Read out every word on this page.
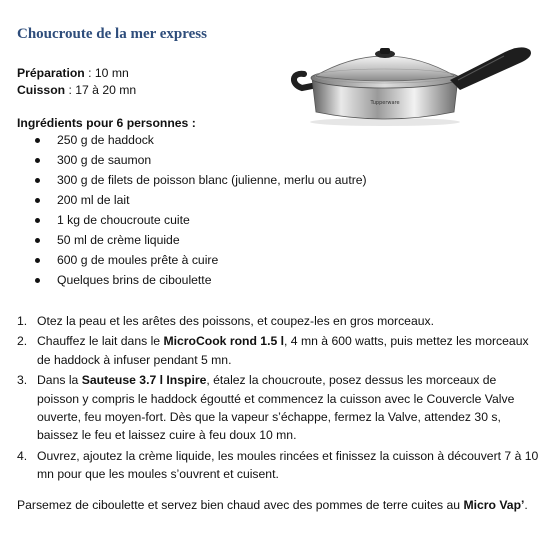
Choucroute de la mer express
Tupperware
Préparation : 10 mn
Cuisson : 17 à 20 mn
Ingrédients pour 6 personnes :
250 g de haddock
300 g de saumon
300 g de filets de poisson blanc (julienne, merlu ou autre)
200 ml de lait
1 kg de choucroute cuite
50 ml de crème liquide
600 g de moules prête à cuire
Quelques brins de ciboulette
1. Otez la peau et les arêtes des poissons, et coupez-les en gros morceaux.
2. Chauffez le lait dans le MicroCook rond 1.5 l, 4 mn à 600 watts, puis mettez les morceaux de haddock à infuser pendant 5 mn.
3. Dans la Sauteuse 3.7 l Inspire, étalez la choucroute, posez dessus les morceaux de poisson y compris le haddock égoutté et commencez la cuisson avec le Couvercle Valve ouverte, feu moyen-fort. Dès que la vapeur s’échappe, fermez la Valve, attendez 30 s, baissez le feu et laissez cuire à feu doux 10 mn.
4. Ouvrez, ajoutez la crème liquide, les moules rincées et finissez la cuisson à découvert 7 à 10 mn pour que les moules s’ouvrent et cuisent.
Parsemez de ciboulette et servez bien chaud avec des pommes de terre cuites au Micro Vap’.
